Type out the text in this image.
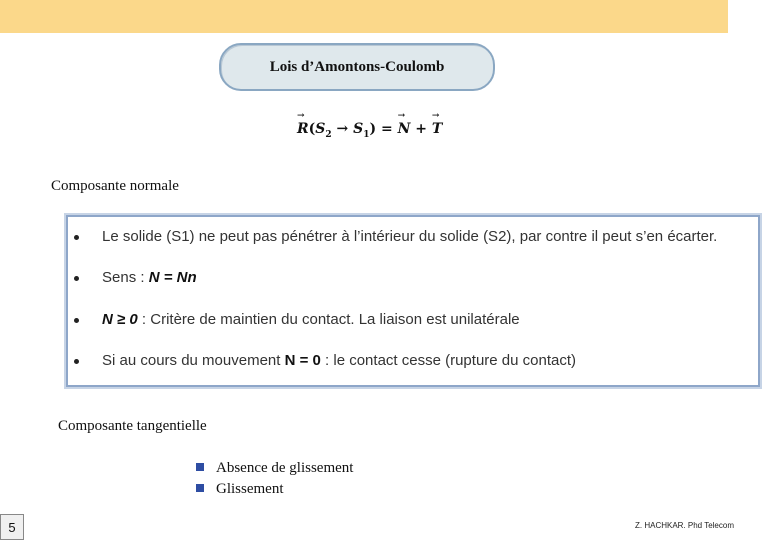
Lois d’Amontons-Coulomb
→ $R(S_2 \to S_1)$ = → N + → T
Composante normale
Le solide (S1) ne peut pas pénétrer à l’intérieur du solide (S2), par contre il peut s’en écarter.
Sens : N = Nn
N ≥ 0 : Critère de maintien du contact. La liaison est unilatérale
Si au cours du mouvement N = 0 : le contact cesse (rupture du contact)
Composante tangentielle
Absence de glissement
Glissement
5	Z. HACHKAR. Phd Telecom
